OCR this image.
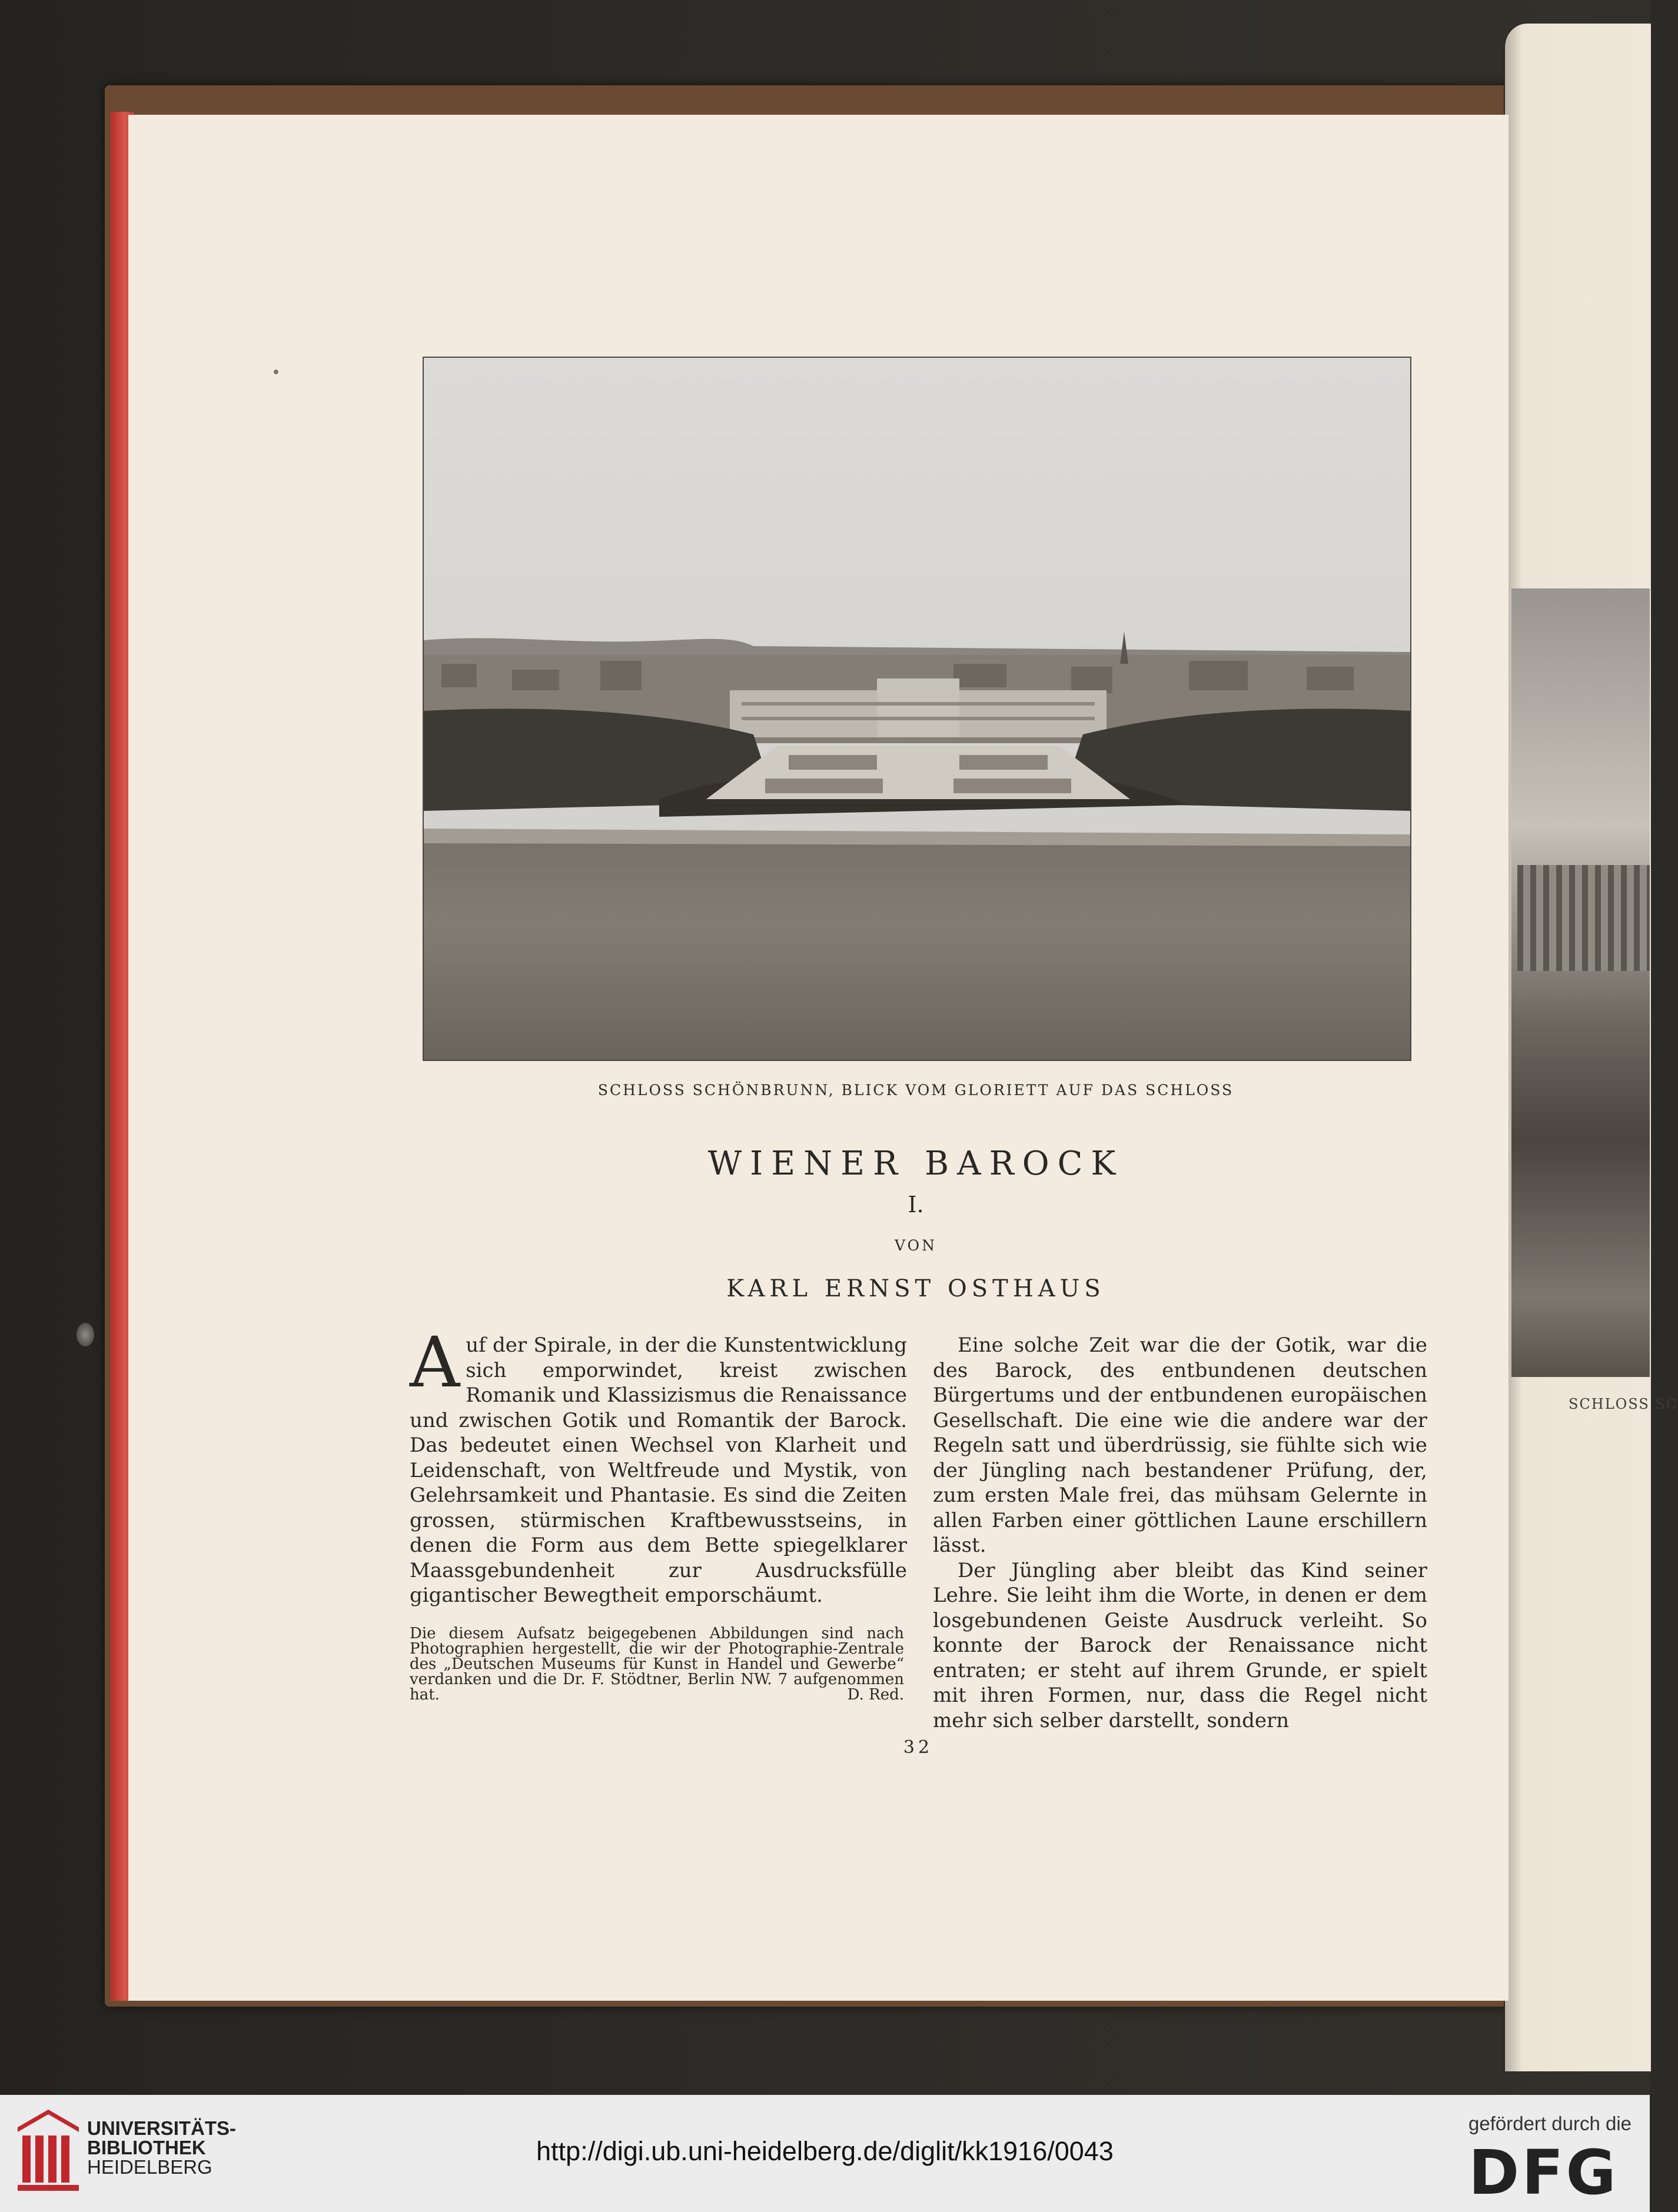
SCHLOSS SC
SCHLOSS SCHÖNBRUNN, BLICK VOM GLORIETT AUF DAS SCHLOSS
WIENER BAROCK
I.
VON
KARL ERNST OSTHAUS

Auf der Spirale, in der die Kunstentwicklung sich emporwindet, kreist zwischen Romanik und Klassizismus die Renaissance und zwischen Gotik und Romantik der Barock. Das bedeutet einen Wechsel von Klarheit und Leidenschaft, von Weltfreude und Mystik, von Gelehrsamkeit und Phantasie. Es sind die Zeiten grossen, stürmischen Kraftbewusstseins, in denen die Form aus dem Bette spiegelklarer Maassgebundenheit zur Ausdrucksfülle gigantischer Bewegtheit emporschäumt.

Die diesem Aufsatz beigegebenen Abbildungen sind nach Photographien hergestellt, die wir der Photographie-Zentrale des „Deutschen Museums für Kunst in Handel und Gewerbe“ verdanken und die Dr. F. Stödtner, Berlin NW. 7 aufgenommen hat.	D. Red.

Eine solche Zeit war die der Gotik, war die des Barock, des entbundenen deutschen Bürgertums und der entbundenen europäischen Gesellschaft. Die eine wie die andere war der Regeln satt und überdrüssig, sie fühlte sich wie der Jüngling nach bestandener Prüfung, der, zum ersten Male frei, das mühsam Gelernte in allen Farben einer göttlichen Laune erschillern lässt.

Der Jüngling aber bleibt das Kind seiner Lehre. Sie leiht ihm die Worte, in denen er dem losgebundenen Geiste Ausdruck verleiht. So konnte der Barock der Renaissance nicht entraten; er steht auf ihrem Grunde, er spielt mit ihren Formen, nur, dass die Regel nicht mehr sich selber darstellt, sondern

32
UNIVERSITÄTS-
BIBLIOTHEK
HEIDELBERG
http://digi.ub.uni-heidelberg.de/diglit/kk1916/0043
gefördert durch die
DFG
